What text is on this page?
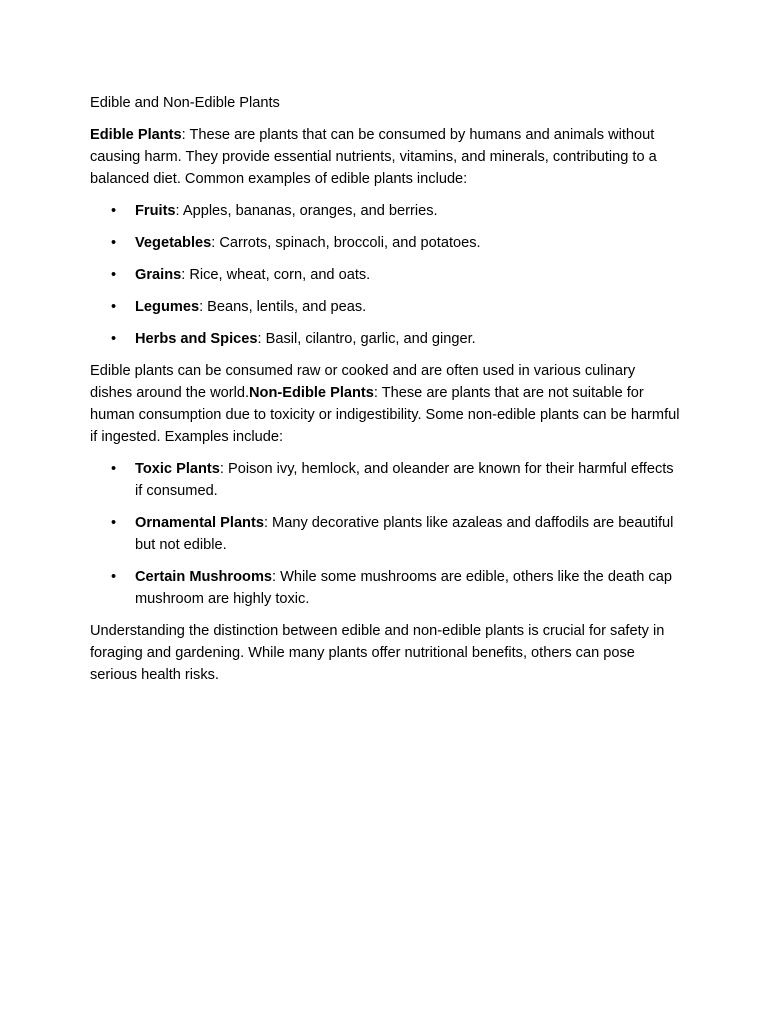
Edible and Non-Edible Plants

Edible Plants: These are plants that can be consumed by humans and animals without causing harm. They provide essential nutrients, vitamins, and minerals, contributing to a balanced diet. Common examples of edible plants include:

• Fruits: Apples, bananas, oranges, and berries.
• Vegetables: Carrots, spinach, broccoli, and potatoes.
• Grains: Rice, wheat, corn, and oats.
• Legumes: Beans, lentils, and peas.
• Herbs and Spices: Basil, cilantro, garlic, and ginger.

Edible plants can be consumed raw or cooked and are often used in various culinary dishes around the world.Non-Edible Plants: These are plants that are not suitable for human consumption due to toxicity or indigestibility. Some non-edible plants can be harmful if ingested. Examples include:

• Toxic Plants: Poison ivy, hemlock, and oleander are known for their harmful effects if consumed.
• Ornamental Plants: Many decorative plants like azaleas and daffodils are beautiful but not edible.
• Certain Mushrooms: While some mushrooms are edible, others like the death cap mushroom are highly toxic.

Understanding the distinction between edible and non-edible plants is crucial for safety in foraging and gardening. While many plants offer nutritional benefits, others can pose serious health risks.
